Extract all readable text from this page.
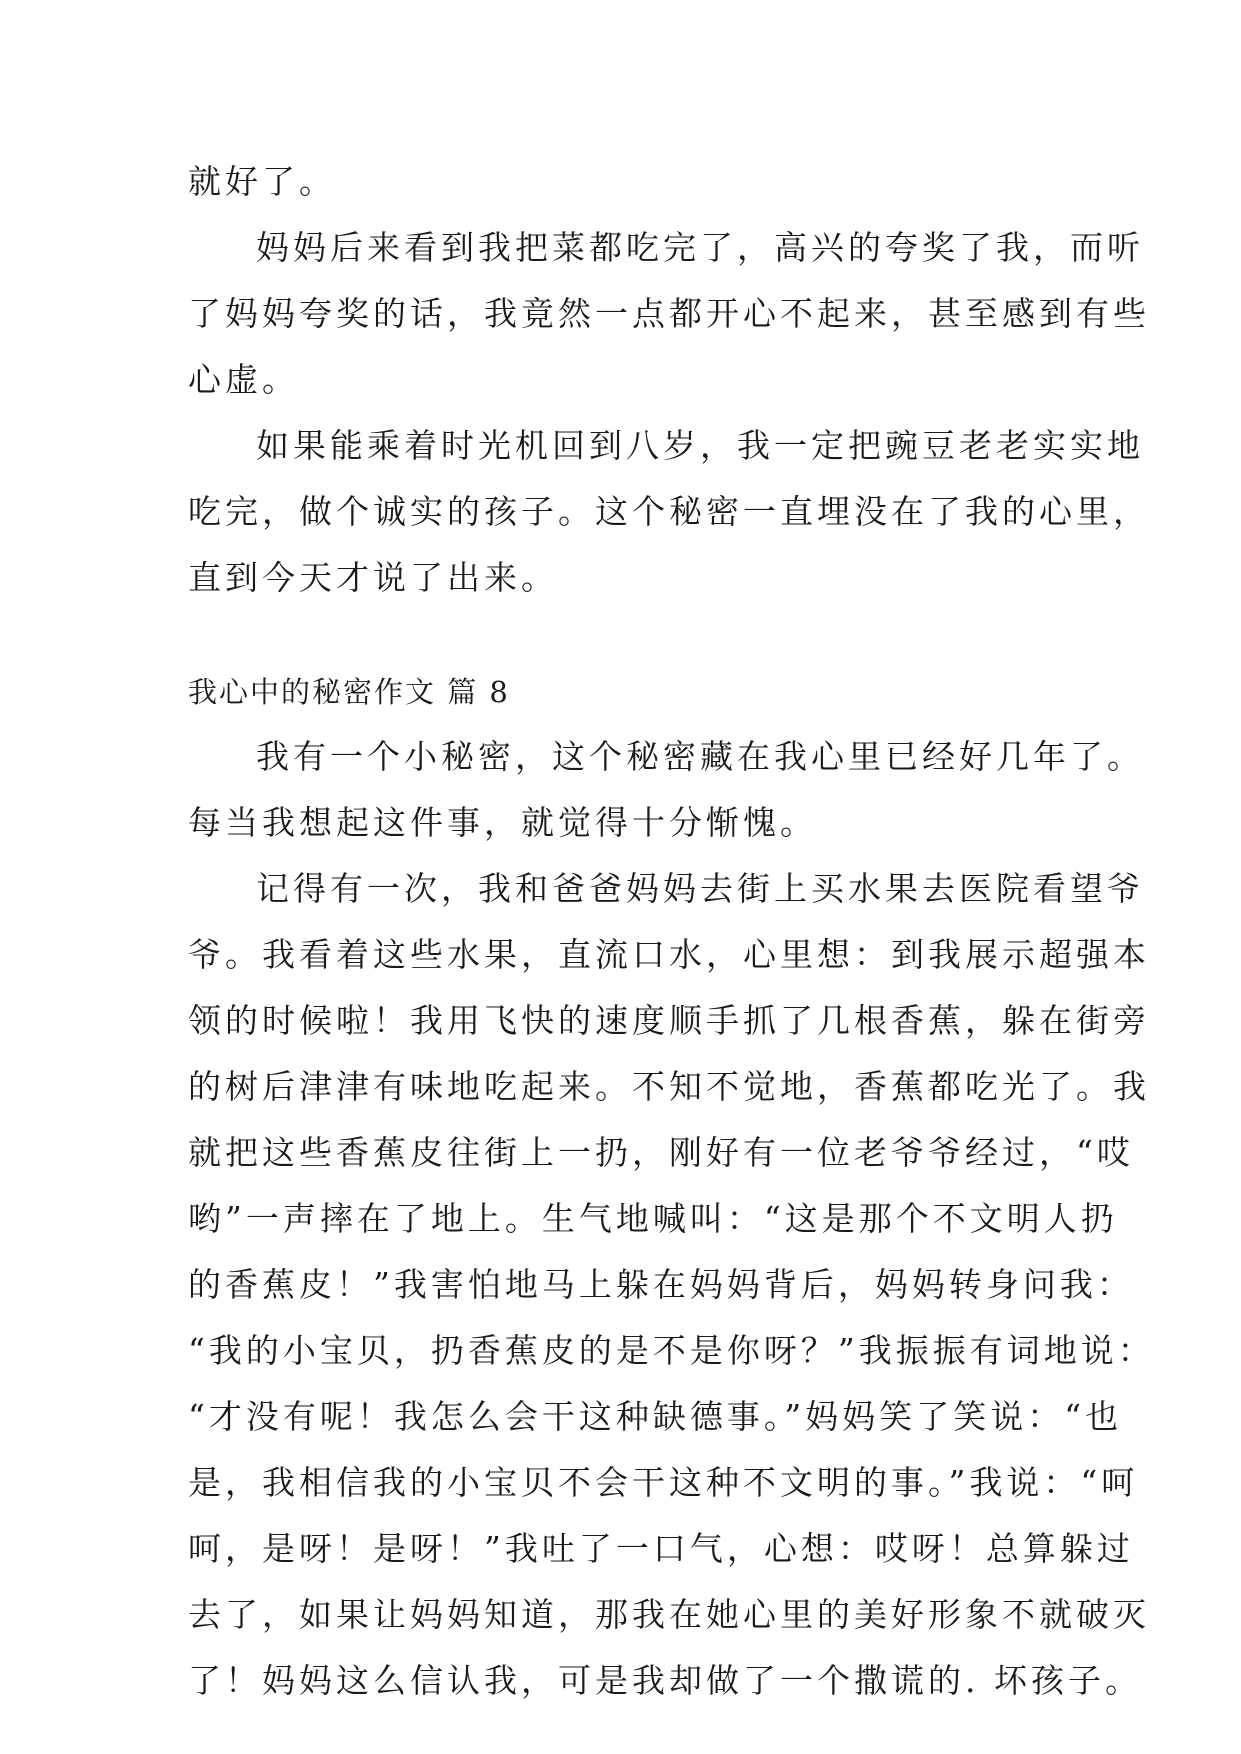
就好了。

妈妈后来看到我把菜都吃完了，高兴的夸奖了我，而听

了妈妈夸奖的话，我竟然一点都开心不起来，甚至感到有些

心虚。

如果能乘着时光机回到八岁，我一定把豌豆老老实实地

吃完，做个诚实的孩子。这个秘密一直埋没在了我的心里，

直到今天才说了出来。

我心中的秘密作文 篇 8

我有一个小秘密，这个秘密藏在我心里已经好几年了。

每当我想起这件事，就觉得十分惭愧。

记得有一次，我和爸爸妈妈去街上买水果去医院看望爷

爷。我看着这些水果，直流口水，心里想：到我展示超强本

领的时候啦！我用飞快的速度顺手抓了几根香蕉，躲在街旁

的树后津津有味地吃起来。不知不觉地，香蕉都吃光了。我

就把这些香蕉皮往街上一扔，刚好有一位老爷爷经过，“哎

哟”一声摔在了地上。生气地喊叫：“这是那个不文明人扔

的香蕉皮！”我害怕地马上躲在妈妈背后，妈妈转身问我：

“我的小宝贝，扔香蕉皮的是不是你呀？”我振振有词地说：

“才没有呢！我怎么会干这种缺德事。”妈妈笑了笑说：“也

是，我相信我的小宝贝不会干这种不文明的事。”我说：“呵

呵，是呀！是呀！”我吐了一口气，心想：哎呀！总算躲过

去了，如果让妈妈知道，那我在她心里的美好形象不就破灭

了！妈妈这么信认我，可是我却做了一个撒谎的. 坏孩子。
